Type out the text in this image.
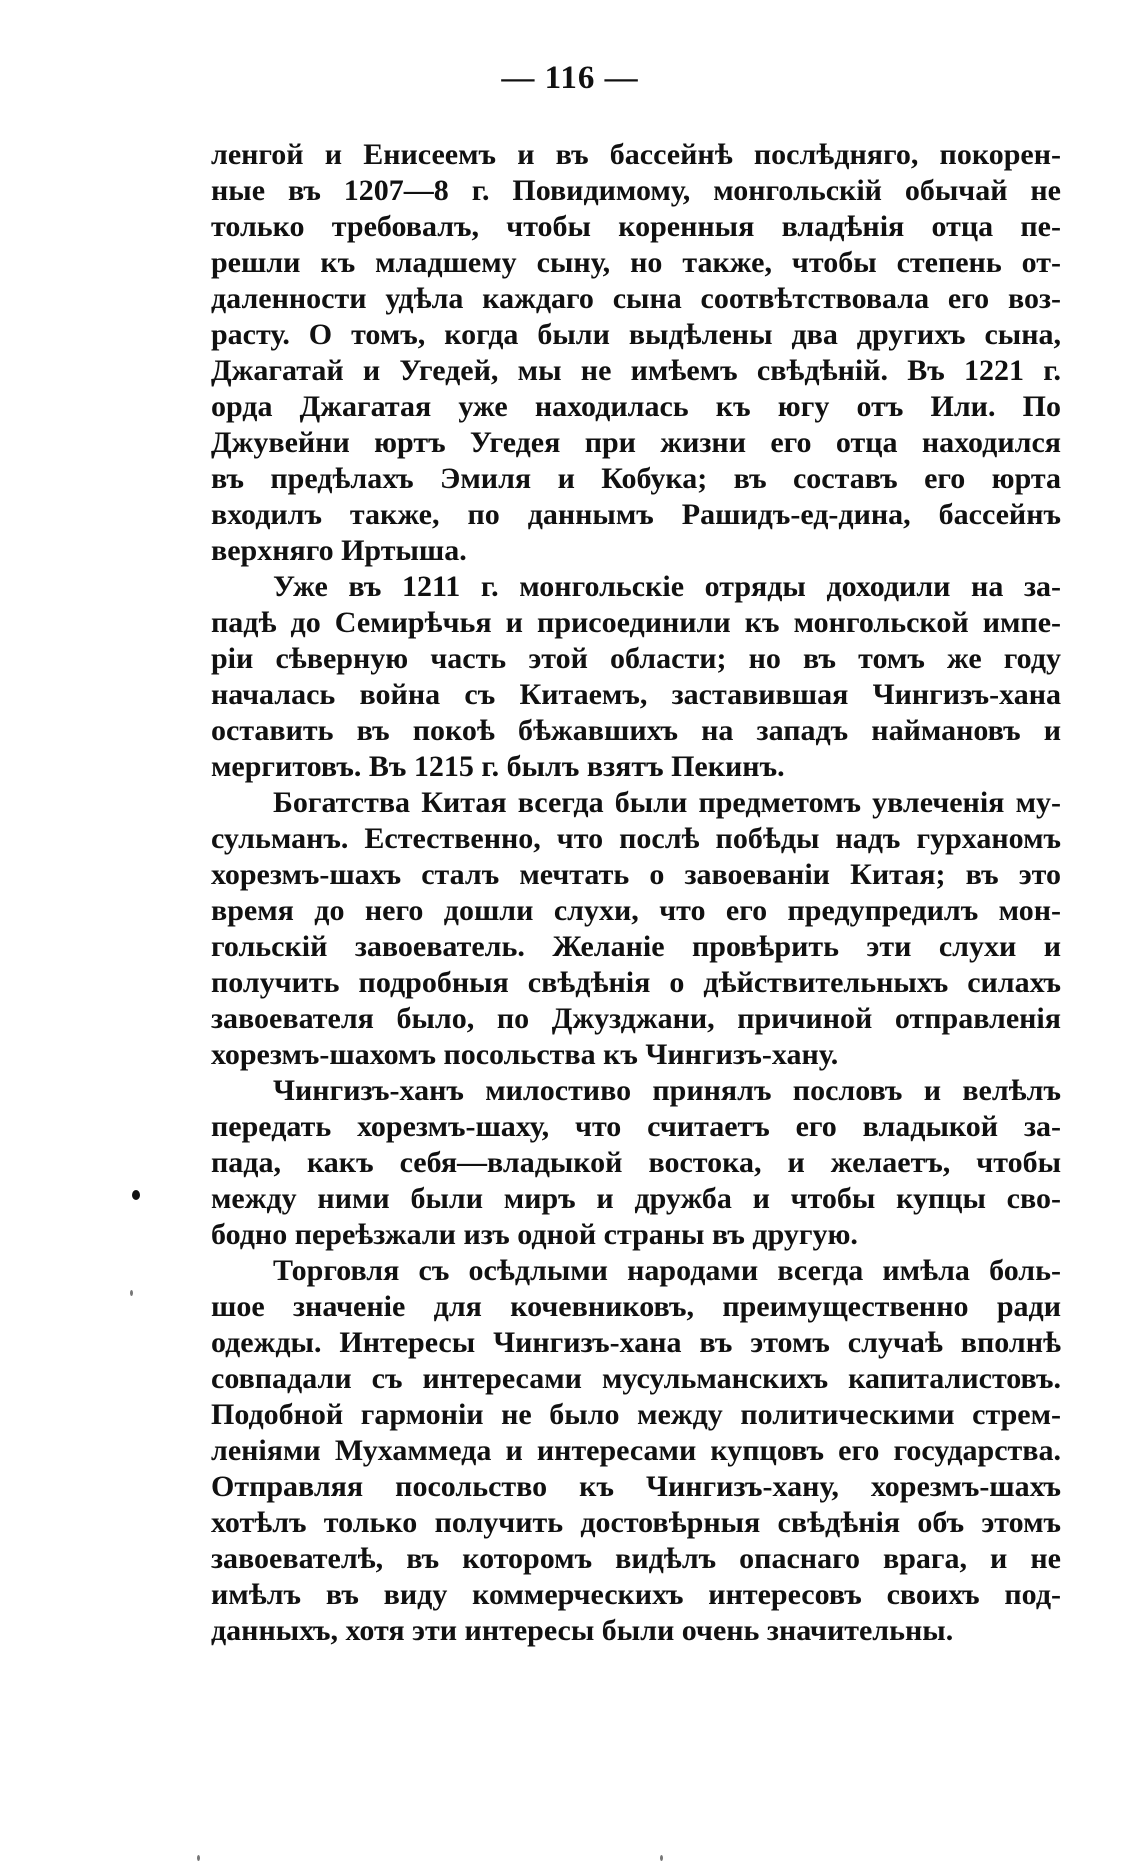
— 116 —
ленгой и Енисеемъ и въ бассейнѣ послѣдняго, покорен-
ные въ 1207—8 г. Повидимому, монгольскій обычай не
только требовалъ, чтобы коренныя владѣнія отца пе-
решли къ младшему сыну, но также, чтобы степень от-
даленности удѣла каждаго сына соотвѣтствовала его воз-
расту. О томъ, когда были выдѣлены два другихъ сына,
Джагатай и Угедей, мы не имѣемъ свѣдѣній. Въ 1221 г.
орда Джагатая уже находилась къ югу отъ Или. По
Джувейни юртъ Угедея при жизни его отца находился
въ предѣлахъ Эмиля и Кобука; въ составъ его юрта
входилъ также, по даннымъ Рашидъ-ед-дина, бассейнъ
верхняго Иртыша.
Уже въ 1211 г. монгольскіе отряды доходили на за-
падѣ до Семирѣчья и присоединили къ монгольской импе-
ріи сѣверную часть этой области; но въ томъ же году
началась война съ Китаемъ, заставившая Чингизъ-хана
оставить въ покоѣ бѣжавшихъ на западъ наймановъ и
мергитовъ. Въ 1215 г. былъ взятъ Пекинъ.
Богатства Китая всегда были предметомъ увлеченія му-
сульманъ. Естественно, что послѣ побѣды надъ гурханомъ
хорезмъ-шахъ сталъ мечтать о завоеваніи Китая; въ это
время до него дошли слухи, что его предупредилъ мон-
гольскій завоеватель. Желаніе провѣрить эти слухи и
получить подробныя свѣдѣнія о дѣйствительныхъ силахъ
завоевателя было, по Джузджани, причиной отправленія
хорезмъ-шахомъ посольства къ Чингизъ-хану.
Чингизъ-ханъ милостиво принялъ пословъ и велѣлъ
передать хорезмъ-шаху, что считаетъ его владыкой за-
пада, какъ себя—владыкой востока, и желаетъ, чтобы
между ними были миръ и дружба и чтобы купцы сво-
бодно переѣзжали изъ одной страны въ другую.
Торговля съ осѣдлыми народами всегда имѣла боль-
шое значеніе для кочевниковъ, преимущественно ради
одежды. Интересы Чингизъ-хана въ этомъ случаѣ вполнѣ
совпадали съ интересами мусульманскихъ капиталистовъ.
Подобной гармоніи не было между политическими стрем-
леніями Мухаммеда и интересами купцовъ его государства.
Отправляя посольство къ Чингизъ-хану, хорезмъ-шахъ
хотѣлъ только получить достовѣрныя свѣдѣнія объ этомъ
завоевателѣ, въ которомъ видѣлъ опаснаго врага, и не
имѣлъ въ виду коммерческихъ интересовъ своихъ под-
данныхъ, хотя эти интересы были очень значительны.
